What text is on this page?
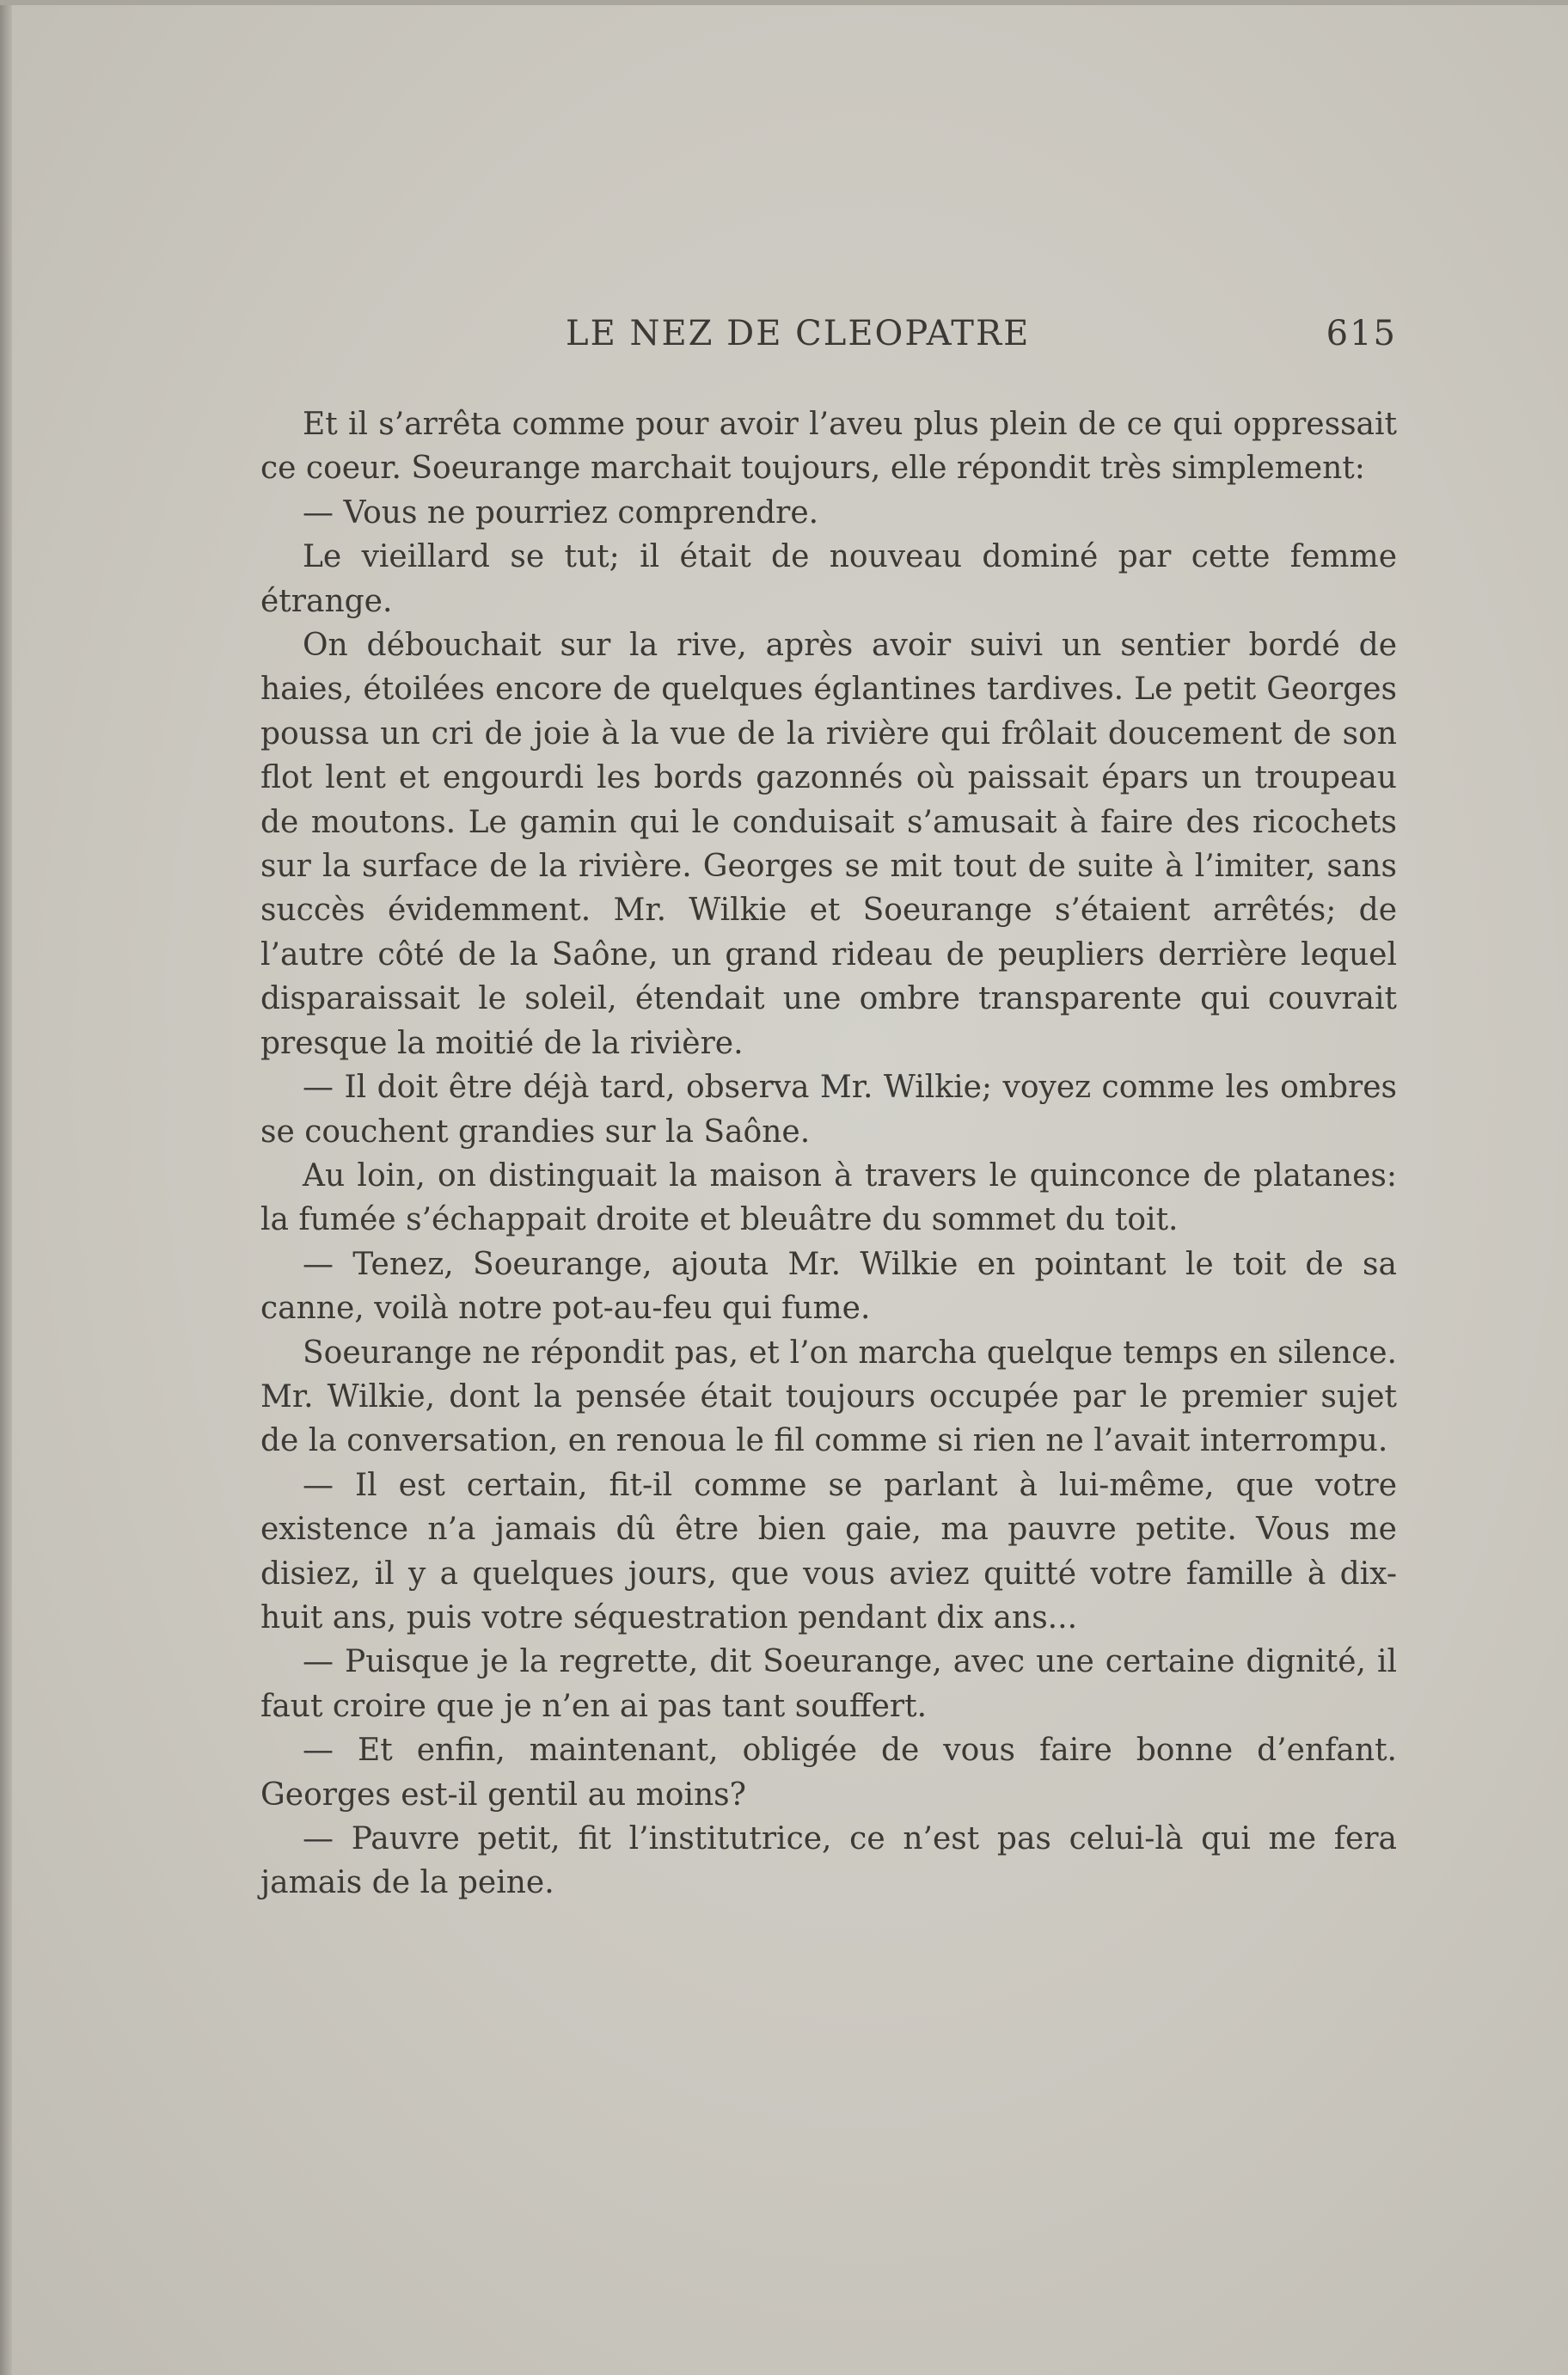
LE NEZ DE CLEOPATRE	615

Et il s’arrêta comme pour avoir l’aveu plus plein de ce qui oppressait ce coeur. Soeurange marchait toujours, elle répondit très simplement:

— Vous ne pourriez comprendre.

Le vieillard se tut; il était de nouveau dominé par cette femme étrange.

On débouchait sur la rive, après avoir suivi un sentier bordé de haies, étoilées encore de quelques églantines tardives. Le petit Georges poussa un cri de joie à la vue de la rivière qui frôlait doucement de son flot lent et engourdi les bords gazonnés où paissait épars un troupeau de moutons. Le gamin qui le conduisait s’amusait à faire des ricochets sur la surface de la rivière. Georges se mit tout de suite à l’imiter, sans succès évidemment. Mr. Wilkie et Soeurange s’étaient arrêtés; de l’autre côté de la Saône, un grand rideau de peupliers derrière lequel disparaissait le soleil, étendait une ombre transparente qui couvrait presque la moitié de la rivière.

— Il doit être déjà tard, observa Mr. Wilkie; voyez comme les ombres se couchent grandies sur la Saône.

Au loin, on distinguait la maison à travers le quinconce de platanes: la fumée s’échappait droite et bleuâtre du sommet du toit.

— Tenez, Soeurange, ajouta Mr. Wilkie en pointant le toit de sa canne, voilà notre pot-au-feu qui fume.

Soeurange ne répondit pas, et l’on marcha quelque temps en silence. Mr. Wilkie, dont la pensée était toujours occupée par le premier sujet de la conversation, en renoua le fil comme si rien ne l’avait interrompu.

— Il est certain, fit-il comme se parlant à lui-même, que votre existence n’a jamais dû être bien gaie, ma pauvre petite. Vous me disiez, il y a quelques jours, que vous aviez quitté votre famille à dix-huit ans, puis votre séquestration pendant dix ans...

— Puisque je la regrette, dit Soeurange, avec une certaine dignité, il faut croire que je n’en ai pas tant souffert.

— Et enfin, maintenant, obligée de vous faire bonne d’enfant. Georges est-il gentil au moins?

— Pauvre petit, fit l’institutrice, ce n’est pas celui-là qui me fera jamais de la peine.
